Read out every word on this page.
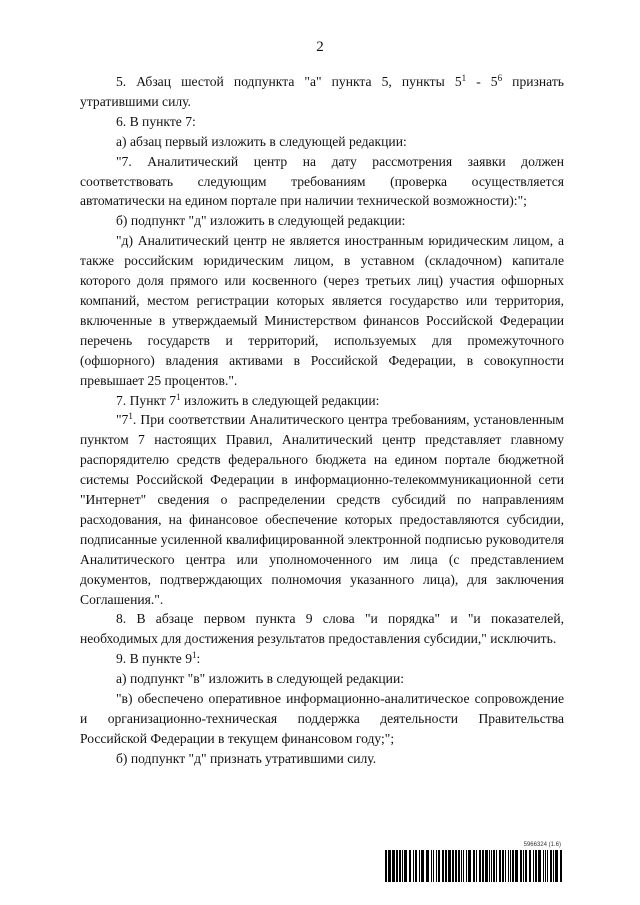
2

5. Абзац шестой подпункта "а" пункта 5, пункты $5^1 - 5^6$ признать утратившими силу.

6. В пункте 7:

а) абзац первый изложить в следующей редакции:

"7. Аналитический центр на дату рассмотрения заявки должен соответствовать следующим требованиям (проверка осуществляется автоматически на едином портале при наличии технической возможности):";

б) подпункт "д" изложить в следующей редакции:

"д) Аналитический центр не является иностранным юридическим лицом, а также российским юридическим лицом, в уставном (складочном) капитале которого доля прямого или косвенного (через третьих лиц) участия офшорных компаний, местом регистрации которых является государство или территория, включенные в утверждаемый Министерством финансов Российской Федерации перечень государств и территорий, используемых для промежуточного (офшорного) владения активами в Российской Федерации, в совокупности превышает 25 процентов.".

7. Пункт $7^1$ изложить в следующей редакции:

"$7^1$. При соответствии Аналитического центра требованиям, установленным пунктом 7 настоящих Правил, Аналитический центр представляет главному распорядителю средств федерального бюджета на едином портале бюджетной системы Российской Федерации в информационно-телекоммуникационной сети "Интернет" сведения о распределении средств субсидий по направлениям расходования, на финансовое обеспечение которых предоставляются субсидии, подписанные усиленной квалифицированной электронной подписью руководителя Аналитического центра или уполномоченного им лица (с представлением документов, подтверждающих полномочия указанного лица), для заключения Соглашения.".

8. В абзаце первом пункта 9 слова "и порядка" и "и показателей, необходимых для достижения результатов предоставления субсидии," исключить.

9. В пункте $9^1$:

а) подпункт "в" изложить в следующей редакции:

"в) обеспечено оперативное информационно-аналитическое сопровождение и организационно-техническая поддержка деятельности Правительства Российской Федерации в текущем финансовом году;";

б) подпункт "д" признать утратившими силу.

5966324 (1.6)
